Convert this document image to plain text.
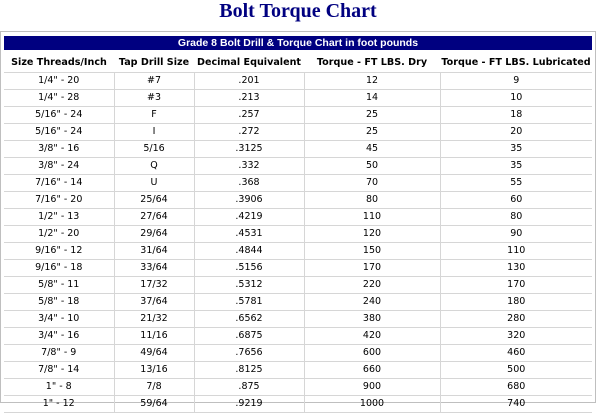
Bolt Torque Chart
Grade 8 Bolt Drill & Torque Chart in foot pounds
Size Threads/Inch	Tap Drill Size	Decimal Equivalent	Torque - FT LBS. Dry	Torque - FT LBS. Lubricated
1/4" - 20	#7	.201	12	9
1/4" - 28	#3	.213	14	10
5/16" - 24	F	.257	25	18
5/16" - 24	I	.272	25	20
3/8" - 16	5/16	.3125	45	35
3/8" - 24	Q	.332	50	35
7/16" - 14	U	.368	70	55
7/16" - 20	25/64	.3906	80	60
1/2" - 13	27/64	.4219	110	80
1/2" - 20	29/64	.4531	120	90
9/16" - 12	31/64	.4844	150	110
9/16" - 18	33/64	.5156	170	130
5/8" - 11	17/32	.5312	220	170
5/8" - 18	37/64	.5781	240	180
3/4" - 10	21/32	.6562	380	280
3/4" - 16	11/16	.6875	420	320
7/8" - 9	49/64	.7656	600	460
7/8" - 14	13/16	.8125	660	500
1" - 8	7/8	.875	900	680
1" - 12	59/64	.9219	1000	740
